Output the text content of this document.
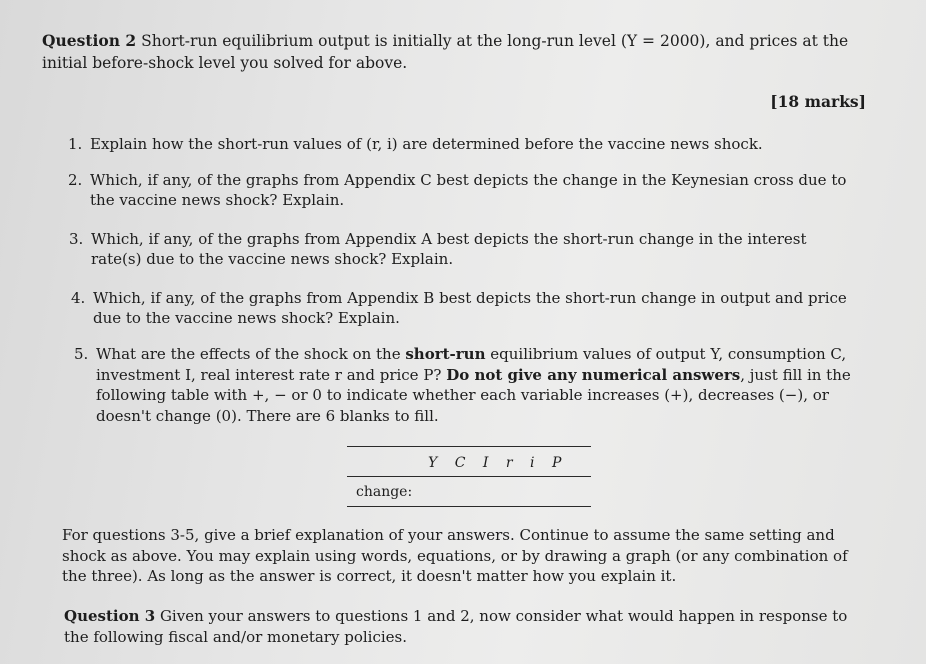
Question 2 Short-run equilibrium output is initially at the long-run level (Y = 2000), and prices at the initial before-shock level you solved for above.
[18 marks]
1. Explain how the short-run values of (r, i) are determined before the vaccine news shock.
2. Which, if any, of the graphs from Appendix C best depicts the change in the Keynesian cross due to the vaccine news shock? Explain.
3. Which, if any, of the graphs from Appendix A best depicts the short-run change in the interest rate(s) due to the vaccine news shock? Explain.
4. Which, if any, of the graphs from Appendix B best depicts the short-run change in output and price due to the vaccine news shock? Explain.
5. What are the effects of the shock on the short-run equilibrium values of output Y, consumption C, investment I, real interest rate r and price P? Do not give any numerical answers, just fill in the following table with +, − or 0 to indicate whether each variable increases (+), decreases (−), or doesn't change (0). There are 6 blanks to fill.
Y C I r i P
change:
For questions 3-5, give a brief explanation of your answers. Continue to assume the same setting and shock as above. You may explain using words, equations, or by drawing a graph (or any combination of the three). As long as the answer is correct, it doesn't matter how you explain it.
Question 3 Given your answers to questions 1 and 2, now consider what would happen in response to the following fiscal and/or monetary policies.
